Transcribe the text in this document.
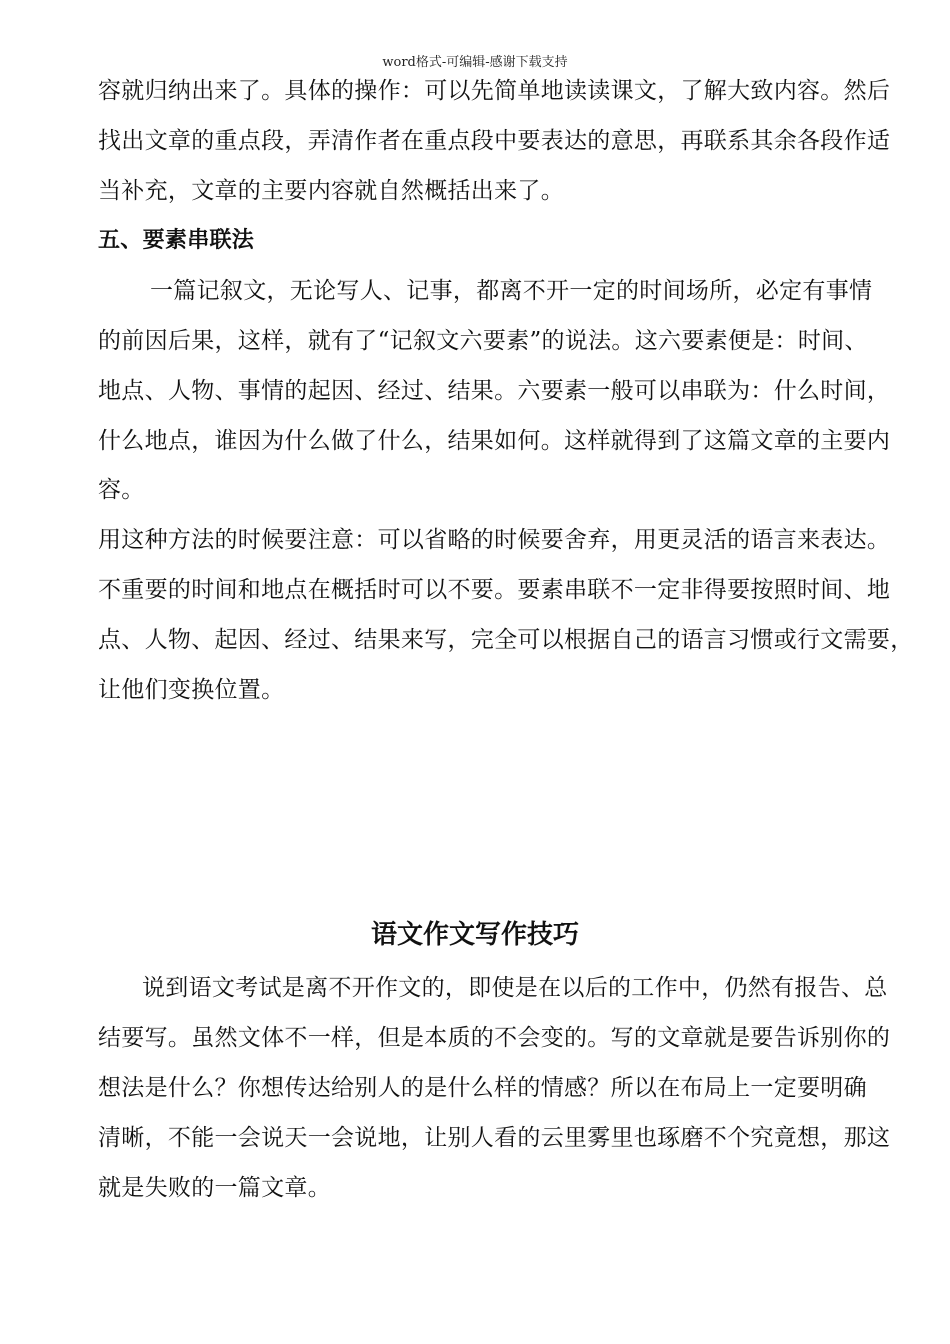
word格式-可编辑-感谢下载支持
容就归纳出来了。具体的操作：可以先简单地读读课文，了解大致内容。然后
找出文章的重点段，弄清作者在重点段中要表达的意思，再联系其余各段作适
当补充，文章的主要内容就自然概括出来了。
五、要素串联法
一篇记叙文，无论写人、记事，都离不开一定的时间场所，必定有事情
的前因后果，这样，就有了“记叙文六要素”的说法。这六要素便是：时间、
地点、人物、事情的起因、经过、结果。六要素一般可以串联为：什么时间，
什么地点，谁因为什么做了什么，结果如何。这样就得到了这篇文章的主要内
容。
用这种方法的时候要注意：可以省略的时候要舍弃，用更灵活的语言来表达。
不重要的时间和地点在概括时可以不要。要素串联不一定非得要按照时间、地
点、人物、起因、经过、结果来写，完全可以根据自己的语言习惯或行文需要，
让他们变换位置。
语文作文写作技巧
说到语文考试是离不开作文的，即使是在以后的工作中，仍然有报告、总
结要写。虽然文体不一样，但是本质的不会变的。写的文章就是要告诉别你的
想法是什么？你想传达给别人的是什么样的情感？所以在布局上一定要明确
清晰，不能一会说天一会说地，让别人看的云里雾里也琢磨不个究竟想，那这
就是失败的一篇文章。
